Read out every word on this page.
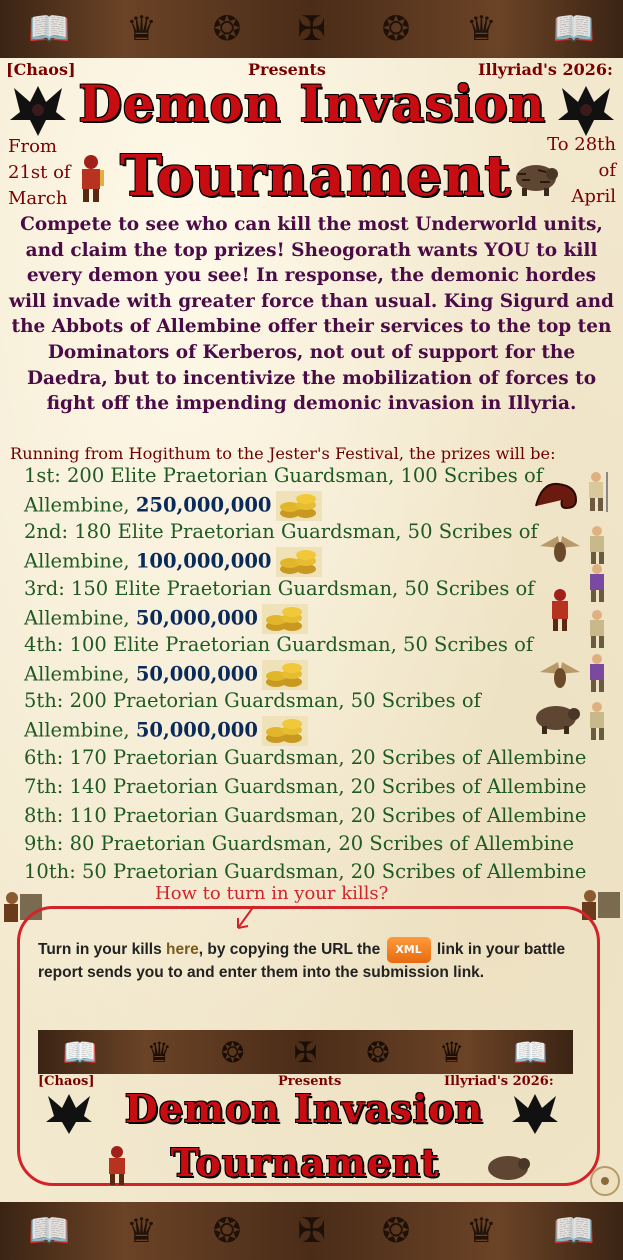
📖 ♛ ❂ ✠ ❂ ♛ 📖
[Chaos]	Presents	Illyriad's 2026:
Demon Invasion
Tournament
From
21st of
March
To 28th
of
April
Compete to see who can kill the most Underworld units,
and claim the top prizes! Sheogorath wants YOU to kill
every demon you see! In response, the demonic hordes
will invade with greater force than usual. King Sigurd and
the Abbots of Allembine offer their services to the top ten
Dominators of Kerberos, not out of support for the
Daedra, but to incentivize the mobilization of forces to
fight off the impending demonic invasion in Illyria.
Running from Hogithum to the Jester's Festival, the prizes will be:
1st: 200 Elite Praetorian Guardsman, 100 Scribes of
Allembine, 250,000,000
2nd: 180 Elite Praetorian Guardsman, 50 Scribes of
Allembine, 100,000,000
3rd: 150 Elite Praetorian Guardsman, 50 Scribes of
Allembine, 50,000,000
4th: 100 Elite Praetorian Guardsman, 50 Scribes of
Allembine, 50,000,000
5th: 200 Praetorian Guardsman, 50 Scribes of
Allembine, 50,000,000
6th: 170 Praetorian Guardsman, 20 Scribes of Allembine
7th: 140 Praetorian Guardsman, 20 Scribes of Allembine
8th: 110 Praetorian Guardsman, 20 Scribes of Allembine
9th: 80 Praetorian Guardsman, 20 Scribes of Allembine
10th: 50 Praetorian Guardsman, 20 Scribes of Allembine
How to turn in your kills?
Turn in your kills here, by copying the URL the XML link in your battle report sends you to and enter them into the submission link.
📖 ♛ ❂ ✠ ❂ ♛ 📖
[Chaos]	Presents	Illyriad's 2026:
Demon Invasion
Tournament
📖 ♛ ❂ ✠ ❂ ♛ 📖
